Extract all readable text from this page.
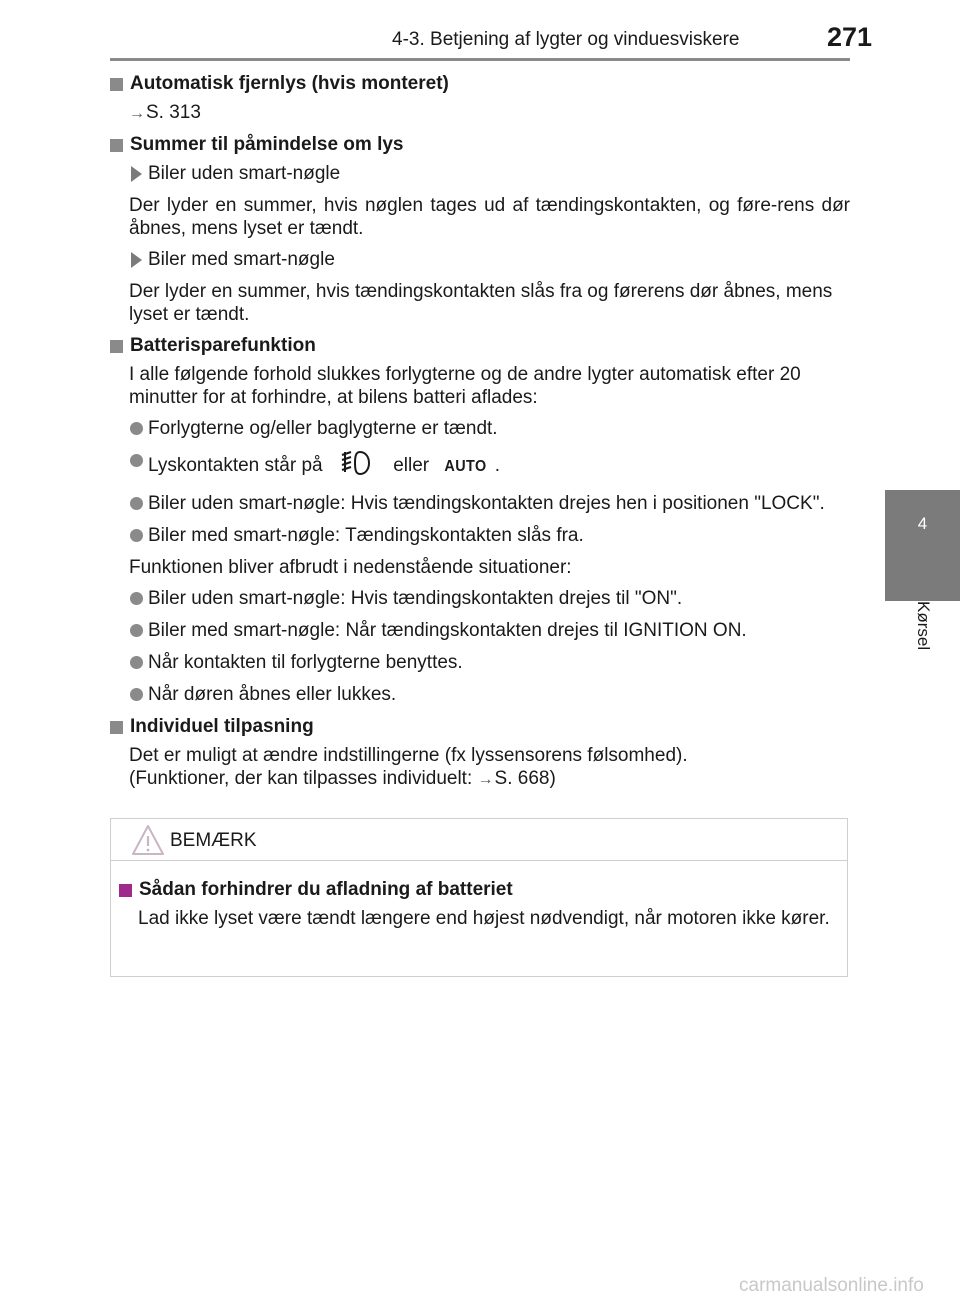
4-3. Betjening af lygter og vinduesviskere	271
4
Kørsel
Automatisk fjernlys (hvis monteret)
→S. 313
Summer til påmindelse om lys
Biler uden smart-nøgle
Der lyder en summer, hvis nøglen tages ud af tændingskontakten, og føre-rens dør åbnes, mens lyset er tændt.
Biler med smart-nøgle
Der lyder en summer, hvis tændingskontakten slås fra og førerens dør åbnes, mens lyset er tændt.
Batterisparefunktion
I alle følgende forhold slukkes forlygterne og de andre lygter automatisk efter 20 minutter for at forhindre, at bilens batteri aflades:
Forlygterne og/eller baglygterne er tændt.
Lyskontakten står på	eller AUTO .
Biler uden smart-nøgle: Hvis tændingskontakten drejes hen i positionen "LOCK".
Biler med smart-nøgle: Tændingskontakten slås fra.
Funktionen bliver afbrudt i nedenstående situationer:
Biler uden smart-nøgle: Hvis tændingskontakten drejes til "ON".
Biler med smart-nøgle: Når tændingskontakten drejes til IGNITION ON.
Når kontakten til forlygterne benyttes.
Når døren åbnes eller lukkes.
Individuel tilpasning
Det er muligt at ændre indstillingerne (fx lyssensorens følsomhed).
(Funktioner, der kan tilpasses individuelt: →S. 668)
BEMÆRK
Sådan forhindrer du afladning af batteriet
Lad ikke lyset være tændt længere end højest nødvendigt, når motoren ikke kører.
carmanualsonline.info
